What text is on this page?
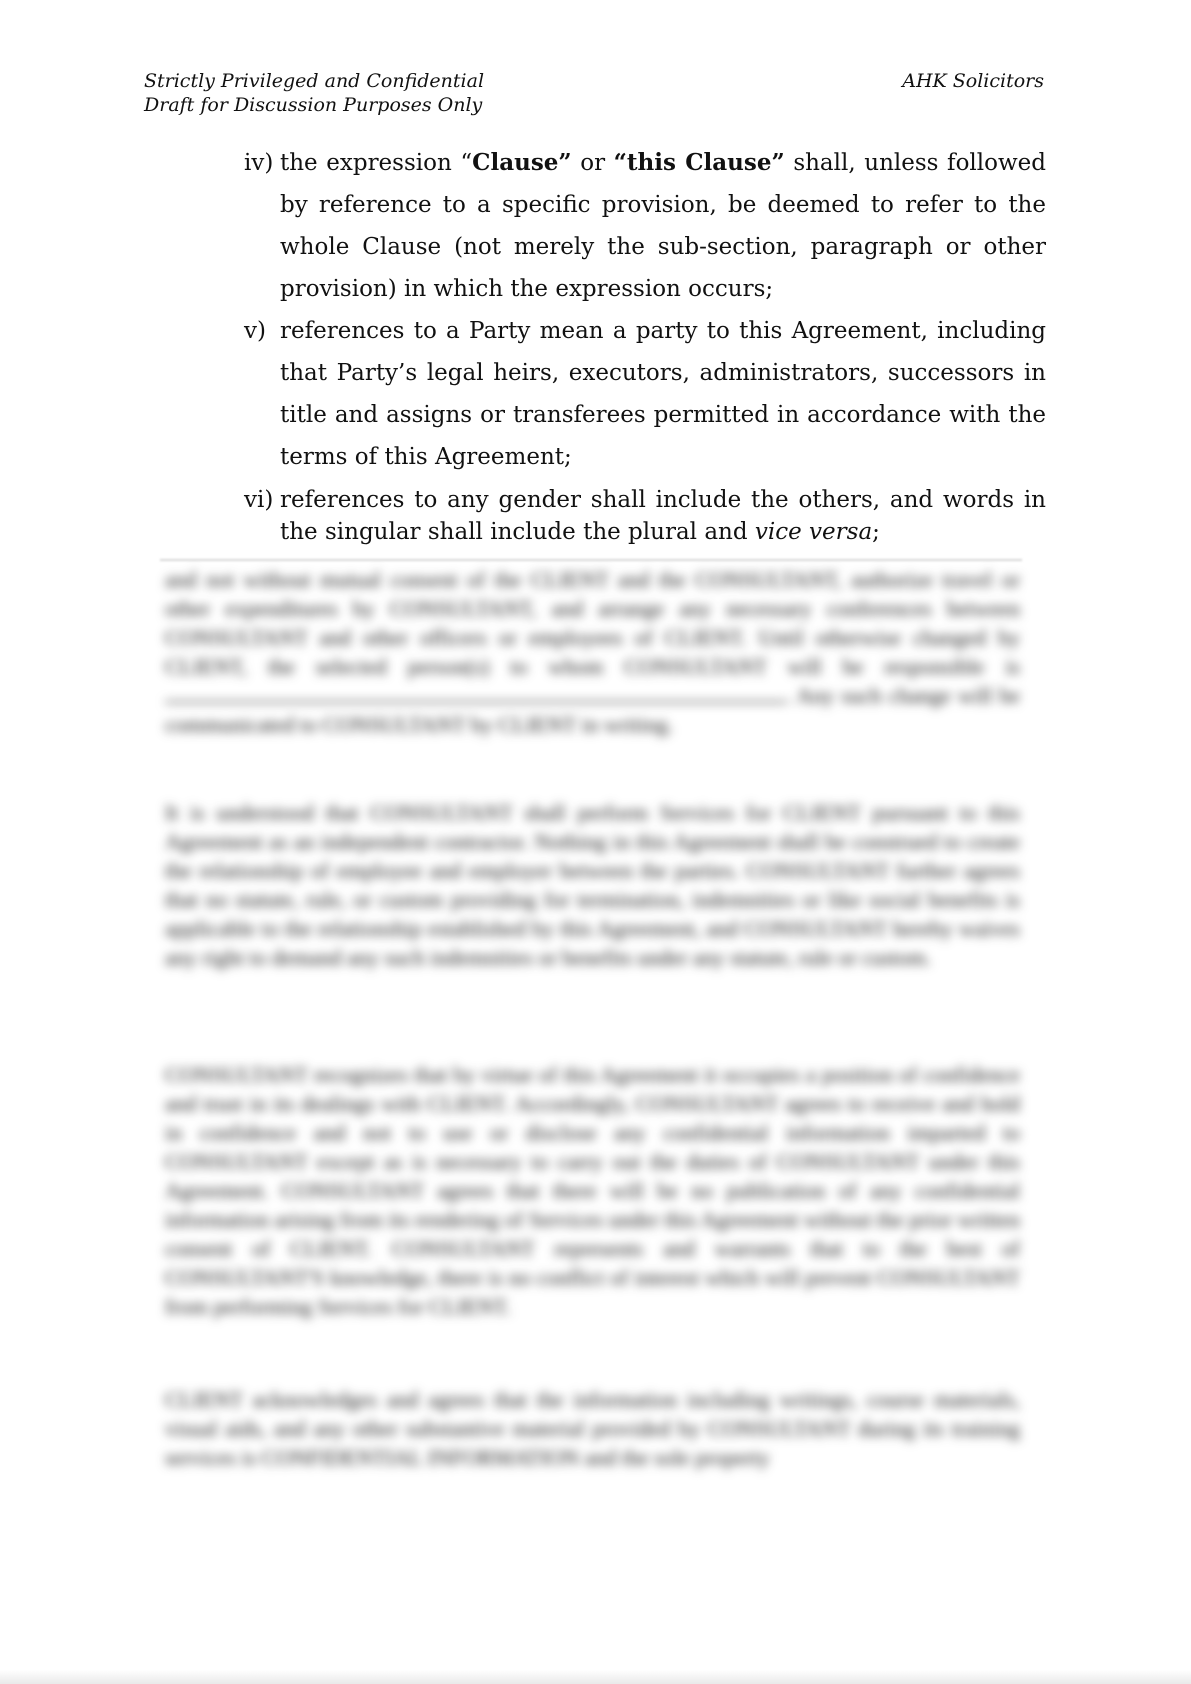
Strictly Privileged and Confidential
Draft for Discussion Purposes Only
AHK Solicitors
iv) the expression “Clause” or “this Clause” shall, unless followed by reference to a specific provision, be deemed to refer to the whole Clause (not merely the sub-section, paragraph or other provision) in which the expression occurs;
v) references to a Party mean a party to this Agreement, including that Party’s legal heirs, executors, administrators, successors in title and assigns or transferees permitted in accordance with the terms of this Agreement;
vi) references to any gender shall include the others, and words in the singular shall include the plural and vice versa;
and not without mutual consent of the CLIENT and the CONSULTANT, authorize travel or other expenditures by CONSULTANT, and arrange any necessary conferences between CONSULTANT and other officers or employees of CLIENT. Until otherwise changed by CLIENT, the selected person(s) to whom CONSULTANT will be responsible is . Any such change will be communicated to CONSULTANT by CLIENT in writing.
It is understood that CONSULTANT shall perform Services for CLIENT pursuant to this Agreement as an independent contractor. Nothing in this Agreement shall be construed to create the relationship of employee and employer between the parties. CONSULTANT further agrees that no statute, rule, or custom providing for termination, indemnities or like social benefits is applicable to the relationship established by this Agreement, and CONSULTANT hereby waives any right to demand any such indemnities or benefits under any statute, rule or custom.
CONSULTANT recognizes that by virtue of this Agreement it occupies a position of confidence and trust in its dealings with CLIENT. Accordingly, CONSULTANT agrees to receive and hold in confidence and not to use or disclose any confidential information imparted to CONSULTANT except as is necessary to carry out the duties of CONSULTANT under this Agreement. CONSULTANT agrees that there will be no publication of any confidential information arising from its rendering of Services under this Agreement without the prior written consent of CLIENT. CONSULTANT represents and warrants that to the best of CONSULTANT'S knowledge, there is no conflict of interest which will prevent CONSULTANT from performing Services for CLIENT.
CLIENT acknowledges and agrees that the information including writings, course materials, visual aids, and any other substantive material provided by CONSULTANT during its training services is CONFIDENTIAL INFORMATION and the sole property
